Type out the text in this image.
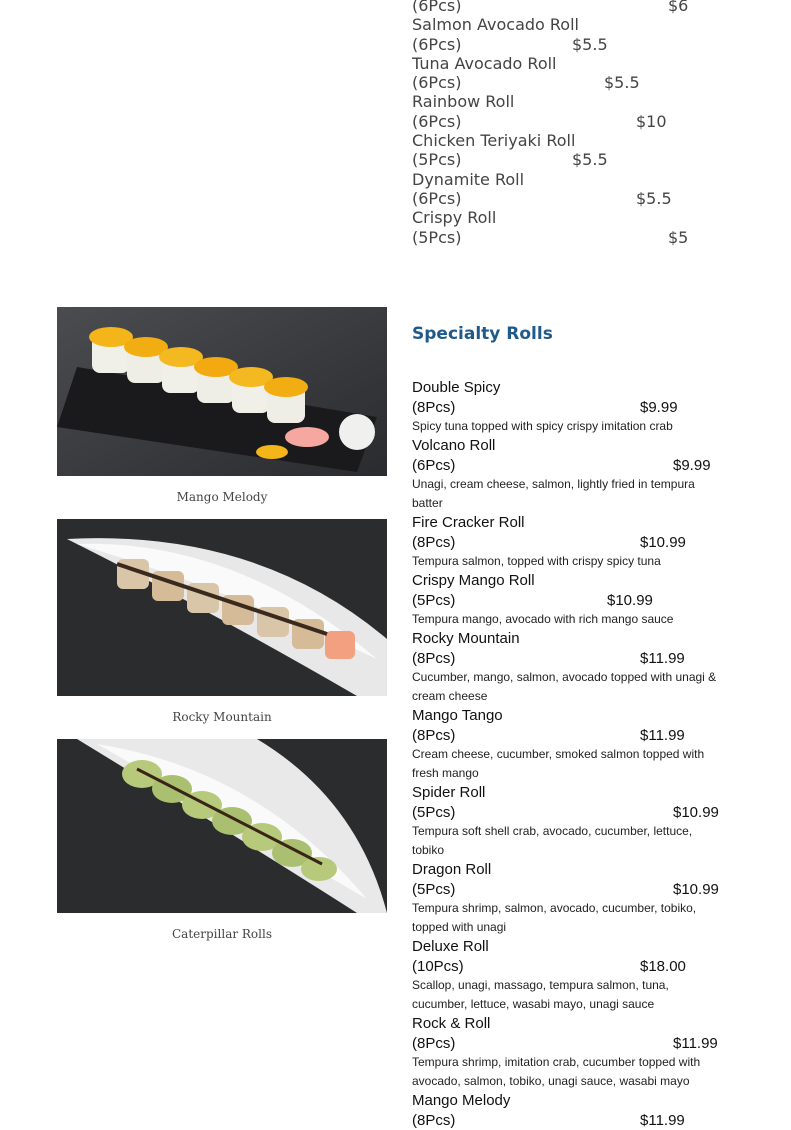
(6Pcs)	$6
Salmon Avocado Roll
(6Pcs)	$5.5
Tuna Avocado Roll
(6Pcs)	$5.5
Rainbow Roll
(6Pcs)	$10
Chicken Teriyaki Roll
(5Pcs)	$5.5
Dynamite Roll
(6Pcs)	$5.5
Crispy Roll
(5Pcs)	$5
Mango Melody
Rocky Mountain
Caterpillar Rolls
Specialty Rolls
Double Spicy
(8Pcs)	$9.99
Spicy tuna topped with spicy crispy imitation crab
Volcano Roll
(6Pcs)	$9.99
Unagi, cream cheese, salmon, lightly fried in tempura batter
Fire Cracker Roll
(8Pcs)	$10.99
Tempura salmon, topped with crispy spicy tuna
Crispy Mango Roll
(5Pcs)	$10.99
Tempura mango, avocado with rich mango sauce
Rocky Mountain
(8Pcs)	$11.99
Cucumber, mango, salmon, avocado topped with unagi & cream cheese
Mango Tango
(8Pcs)	$11.99
Cream cheese, cucumber, smoked salmon topped with fresh mango
Spider Roll
(5Pcs)	$10.99
Tempura soft shell crab, avocado, cucumber, lettuce, tobiko
Dragon Roll
(5Pcs)	$10.99
Tempura shrimp, salmon, avocado, cucumber, tobiko, topped with unagi
Deluxe Roll
(10Pcs)	$18.00
Scallop, unagi, massago, tempura salmon, tuna, cucumber, lettuce, wasabi mayo, unagi sauce
Rock & Roll
(8Pcs)	$11.99
Tempura shrimp, imitation crab, cucumber topped with avocado, salmon, tobiko, unagi sauce, wasabi mayo
Mango Melody
(8Pcs)	$11.99
